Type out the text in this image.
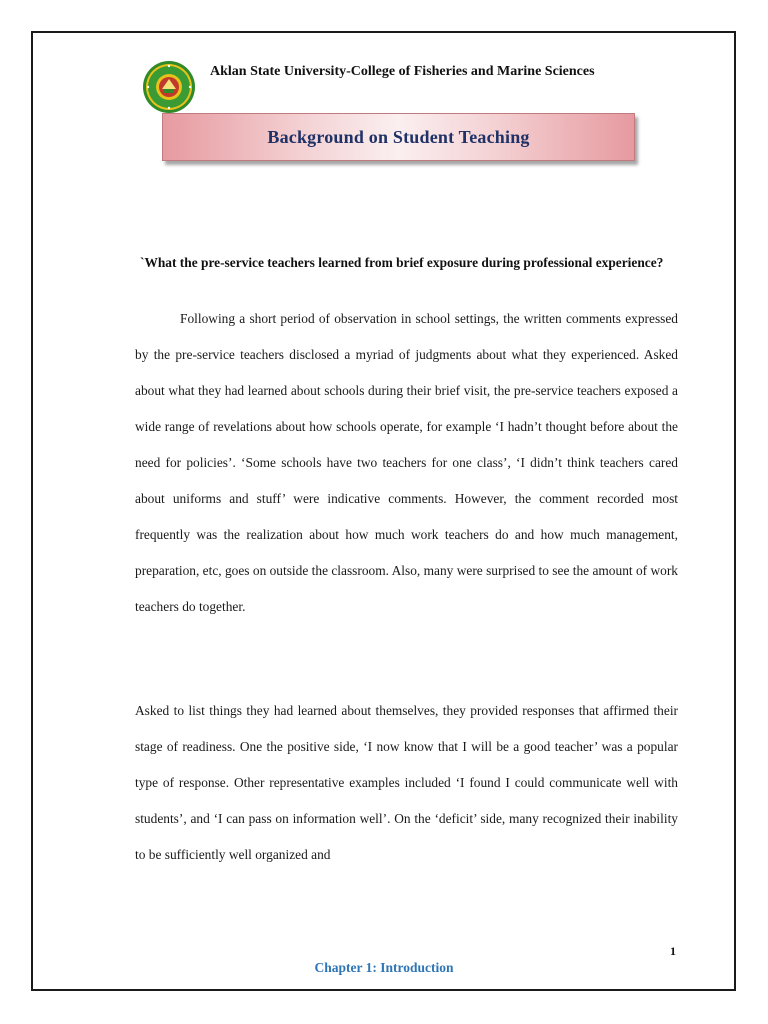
Aklan State University-College of Fisheries and Marine Sciences
Background on Student Teaching
`What the pre-service teachers learned from brief exposure during professional experience?

Following a short period of observation in school settings, the written comments expressed by the pre-service teachers disclosed a myriad of judgments about what they experienced. Asked about what they had learned about schools during their brief visit, the pre-service teachers exposed a wide range of revelations about how schools operate, for example ‘I hadn’t thought before about the need for policies’. ‘Some schools have two teachers for one class’, ‘I didn’t think teachers cared about uniforms and stuff’ were indicative comments. However, the comment recorded most frequently was the realization about how much work teachers do and how much management, preparation, etc, goes on outside the classroom. Also, many were surprised to see the amount of work teachers do together.

Asked to list things they had learned about themselves, they provided responses that affirmed their stage of readiness. One the positive side, ‘I now know that I will be a good teacher’ was a popular type of response. Other representative examples included ‘I found I could communicate well with students’, and ‘I can pass on information well’. On the ‘deficit’ side, many recognized their inability to be sufficiently well organized and

1
Chapter 1: Introduction
